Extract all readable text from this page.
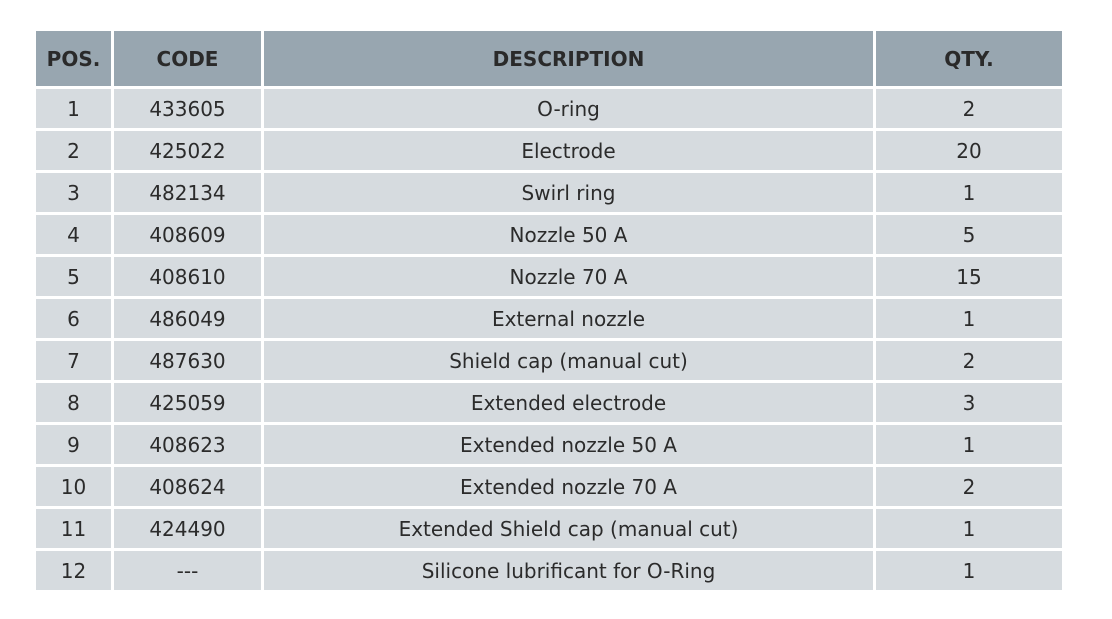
POS.	CODE	DESCRIPTION	QTY.
1	433605	O-ring	2
2	425022	Electrode	20
3	482134	Swirl ring	1
4	408609	Nozzle 50 A	5
5	408610	Nozzle 70 A	15
6	486049	External nozzle	1
7	487630	Shield cap (manual cut)	2
8	425059	Extended electrode	3
9	408623	Extended nozzle 50 A	1
10	408624	Extended nozzle 70 A	2
11	424490	Extended Shield cap (manual cut)	1
12	---	Silicone lubrificant for O-Ring	1
